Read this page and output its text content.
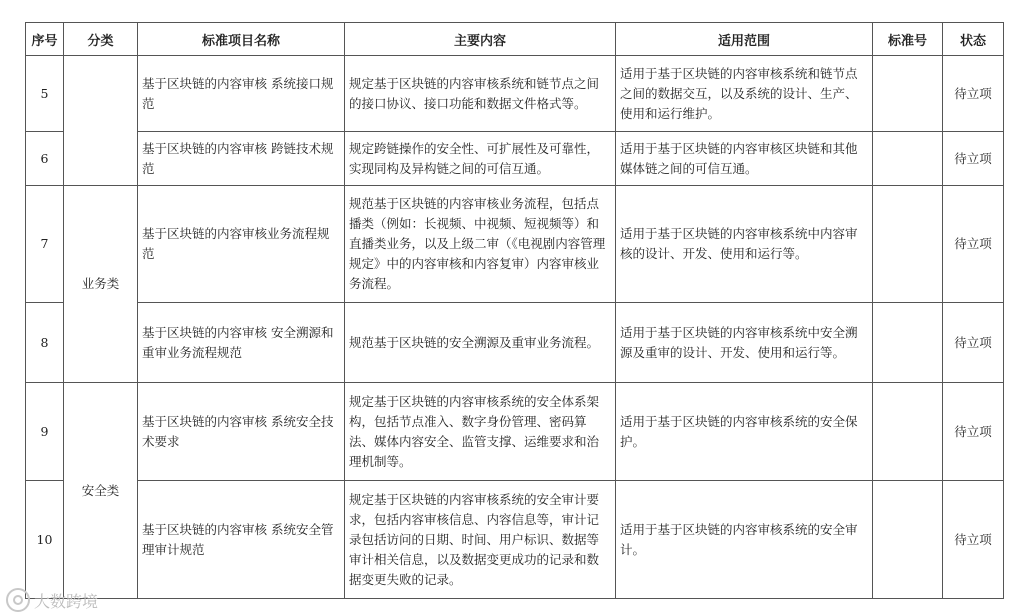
序号	分类	标准项目名称	主要内容	适用范围	标准号	状态
5		基于区块链的内容审核 系统接口规范	规定基于区块链的内容审核系统和链节点之间的接口协议、接口功能和数据文件格式等。	适用于基于区块链的内容审核系统和链节点之间的数据交互，以及系统的设计、生产、使用和运行维护。		待立项
6		基于区块链的内容审核 跨链技术规范	规定跨链操作的安全性、可扩展性及可靠性，实现同构及异构链之间的可信互通。	适用于基于区块链的内容审核区块链和其他媒体链之间的可信互通。		待立项
7	业务类	基于区块链的内容审核业务流程规范	规范基于区块链的内容审核业务流程，包括点播类（例如：长视频、中视频、短视频等）和直播类业务，以及上级二审（《电视剧内容管理规定》中的内容审核和内容复审）内容审核业务流程。	适用于基于区块链的内容审核系统中内容审核的设计、开发、使用和运行等。		待立项
8		基于区块链的内容审核 安全溯源和重审业务流程规范	规范基于区块链的安全溯源及重审业务流程。	适用于基于区块链的内容审核系统中安全溯源及重审的设计、开发、使用和运行等。		待立项
9	安全类	基于区块链的内容审核 系统安全技术要求	规定基于区块链的内容审核系统的安全体系架构，包括节点准入、数字身份管理、密码算法、媒体内容安全、监管支撑、运维要求和治理机制等。	适用于基于区块链的内容审核系统的安全保护。		待立项
10		基于区块链的内容审核 系统安全管理审计规范	规定基于区块链的内容审核系统的安全审计要求，包括内容审核信息、内容信息等，审计记录包括访问的日期、时间、用户标识、数据等审计相关信息，以及数据变更成功的记录和数据变更失败的记录。	适用于基于区块链的内容审核系统的安全审计。		待立项
大数跨境
